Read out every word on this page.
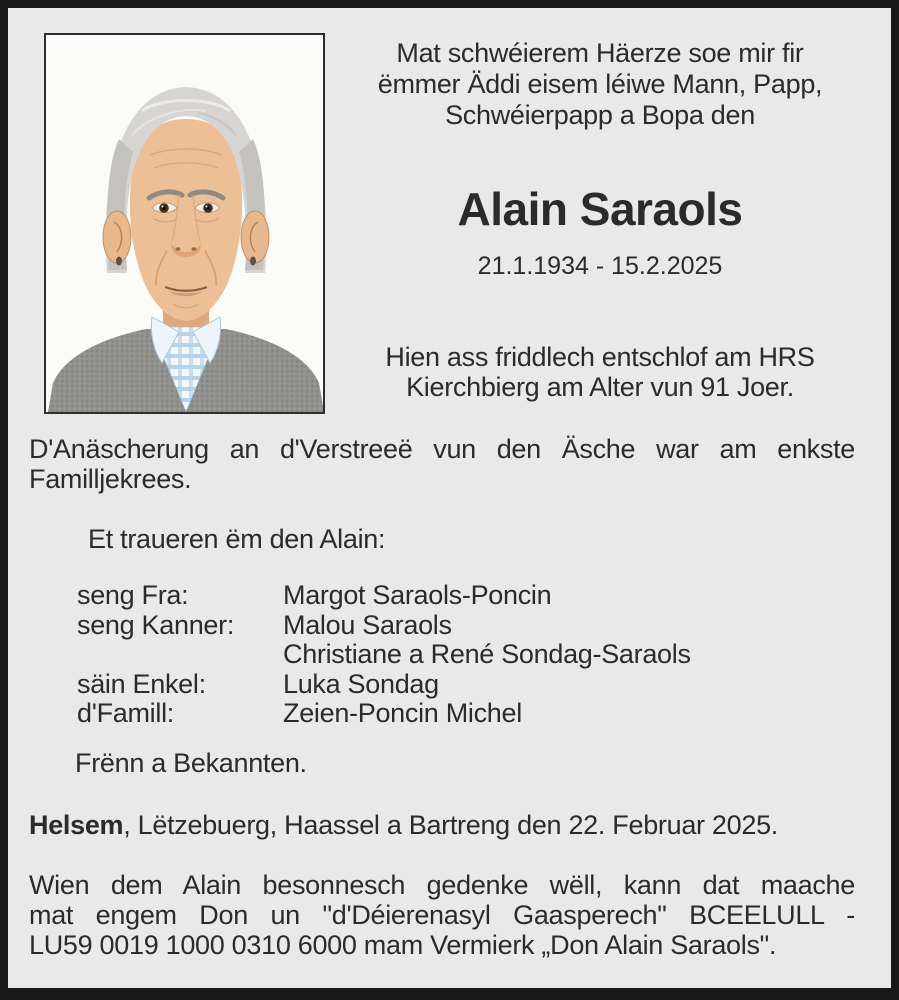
Mat schwéierem Häerze soe mir fir
ëmmer Äddi eisem léiwe Mann, Papp,
Schwéierpapp a Bopa den
Alain Saraols
21.1.1934 - 15.2.2025
Hien ass friddlech entschlof am HRS
Kierchbierg am Alter vun 91 Joer.
D'Anäscherung an d'Verstreeë vun den Äsche war am enkste
Familljekrees.
Et traueren ëm den Alain:
seng Fra:	Margot Saraols-Poncin
seng Kanner:	Malou Saraols
Christiane a René Sondag-Saraols
säin Enkel:	Luka Sondag
d'Famill:	Zeien-Poncin Michel
Frënn a Bekannten.
Helsem, Lëtzebuerg, Haassel a Bartreng den 22. Februar 2025.
Wien dem Alain besonnesch gedenke wëll, kann dat maache
mat engem Don un "d'Déierenasyl Gaasperech" BCEELULL -
LU59 0019 1000 0310 6000 mam Vermierk „Don Alain Saraols".
